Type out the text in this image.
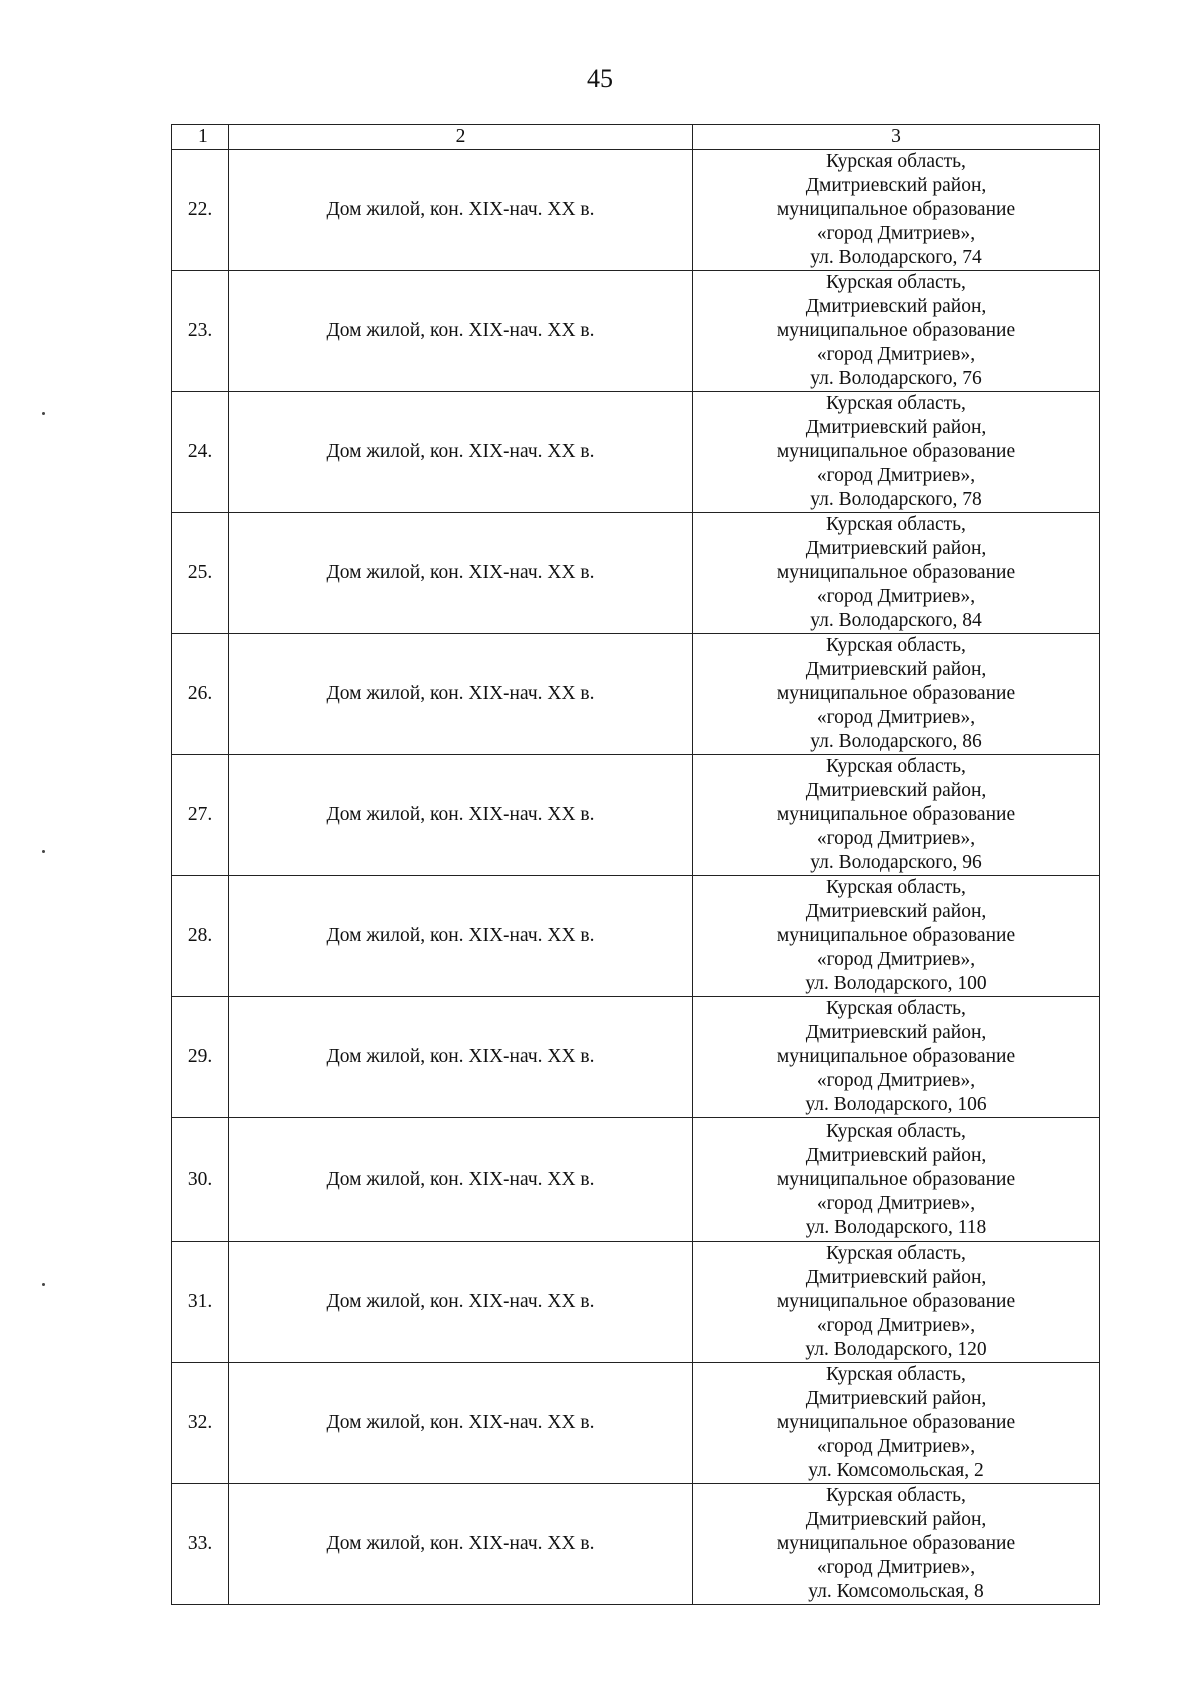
45
1	2	3
22.	Дом жилой, кон. XIX-нач. XX в.	Курская область,
Дмитриевский район,
муниципальное образование
«город Дмитриев»,
ул. Володарского, 74

23.	Дом жилой, кон. XIX-нач. XX в.	Курская область,
Дмитриевский район,
муниципальное образование
«город Дмитриев»,
ул. Володарского, 76

24.	Дом жилой, кон. XIX-нач. XX в.	Курская область,
Дмитриевский район,
муниципальное образование
«город Дмитриев»,
ул. Володарского, 78

25.	Дом жилой, кон. XIX-нач. XX в.	Курская область,
Дмитриевский район,
муниципальное образование
«город Дмитриев»,
ул. Володарского, 84

26.	Дом жилой, кон. XIX-нач. XX в.	Курская область,
Дмитриевский район,
муниципальное образование
«город Дмитриев»,
ул. Володарского, 86

27.	Дом жилой, кон. XIX-нач. XX в.	Курская область,
Дмитриевский район,
муниципальное образование
«город Дмитриев»,
ул. Володарского, 96

28.	Дом жилой, кон. XIX-нач. XX в.	Курская область,
Дмитриевский район,
муниципальное образование
«город Дмитриев»,
ул. Володарского, 100

29.	Дом жилой, кон. XIX-нач. XX в.	Курская область,
Дмитриевский район,
муниципальное образование
«город Дмитриев»,
ул. Володарского, 106

30.	Дом жилой, кон. XIX-нач. XX в.	Курская область,
Дмитриевский район,
муниципальное образование
«город Дмитриев»,
ул. Володарского, 118

31.	Дом жилой, кон. XIX-нач. XX в.	Курская область,
Дмитриевский район,
муниципальное образование
«город Дмитриев»,
ул. Володарского, 120

32.	Дом жилой, кон. XIX-нач. XX в.	Курская область,
Дмитриевский район,
муниципальное образование
«город Дмитриев»,
ул. Комсомольская, 2

33.	Дом жилой, кон. XIX-нач. XX в.	Курская область,
Дмитриевский район,
муниципальное образование
«город Дмитриев»,
ул. Комсомольская, 8
